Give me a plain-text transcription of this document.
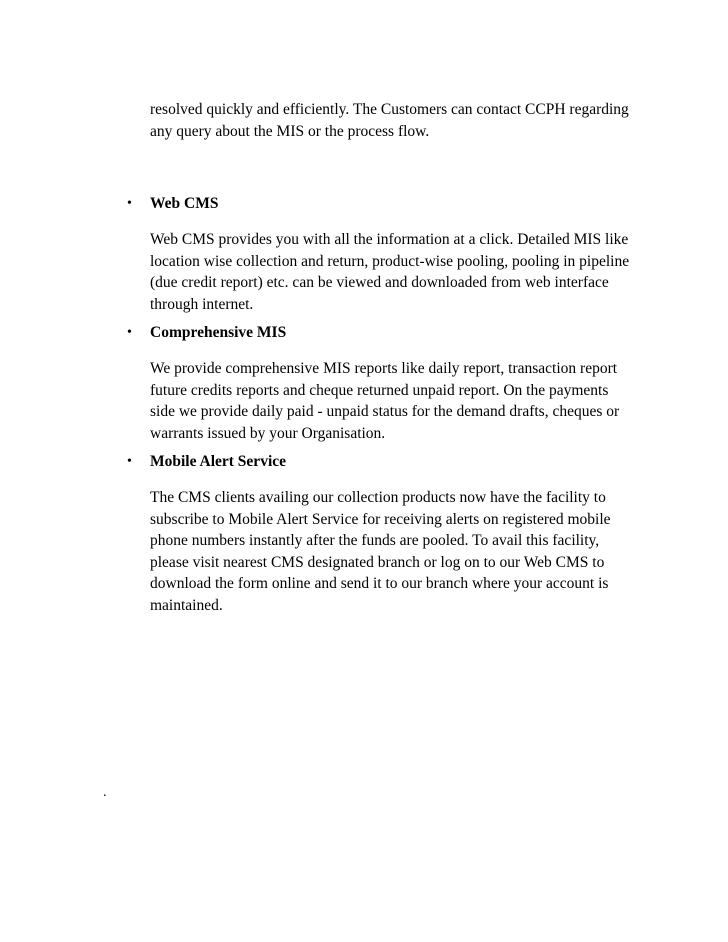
resolved quickly and efficiently. The Customers can contact CCPH regarding any query about the MIS or the process flow.

• Web CMS

Web CMS provides you with all the information at a click. Detailed MIS like location wise collection and return, product-wise pooling, pooling in pipeline (due credit report) etc. can be viewed and downloaded from web interface through internet.

• Comprehensive MIS

We provide comprehensive MIS reports like daily report, transaction report future credits reports and cheque returned unpaid report. On the payments side we provide daily paid - unpaid status for the demand drafts, cheques or warrants issued by your Organisation.

• Mobile Alert Service

The CMS clients availing our collection products now have the facility to subscribe to Mobile Alert Service for receiving alerts on registered mobile phone numbers instantly after the funds are pooled. To avail this facility, please visit nearest CMS designated branch or log on to our Web CMS to download the form online and send it to our branch where your account is maintained.

.
